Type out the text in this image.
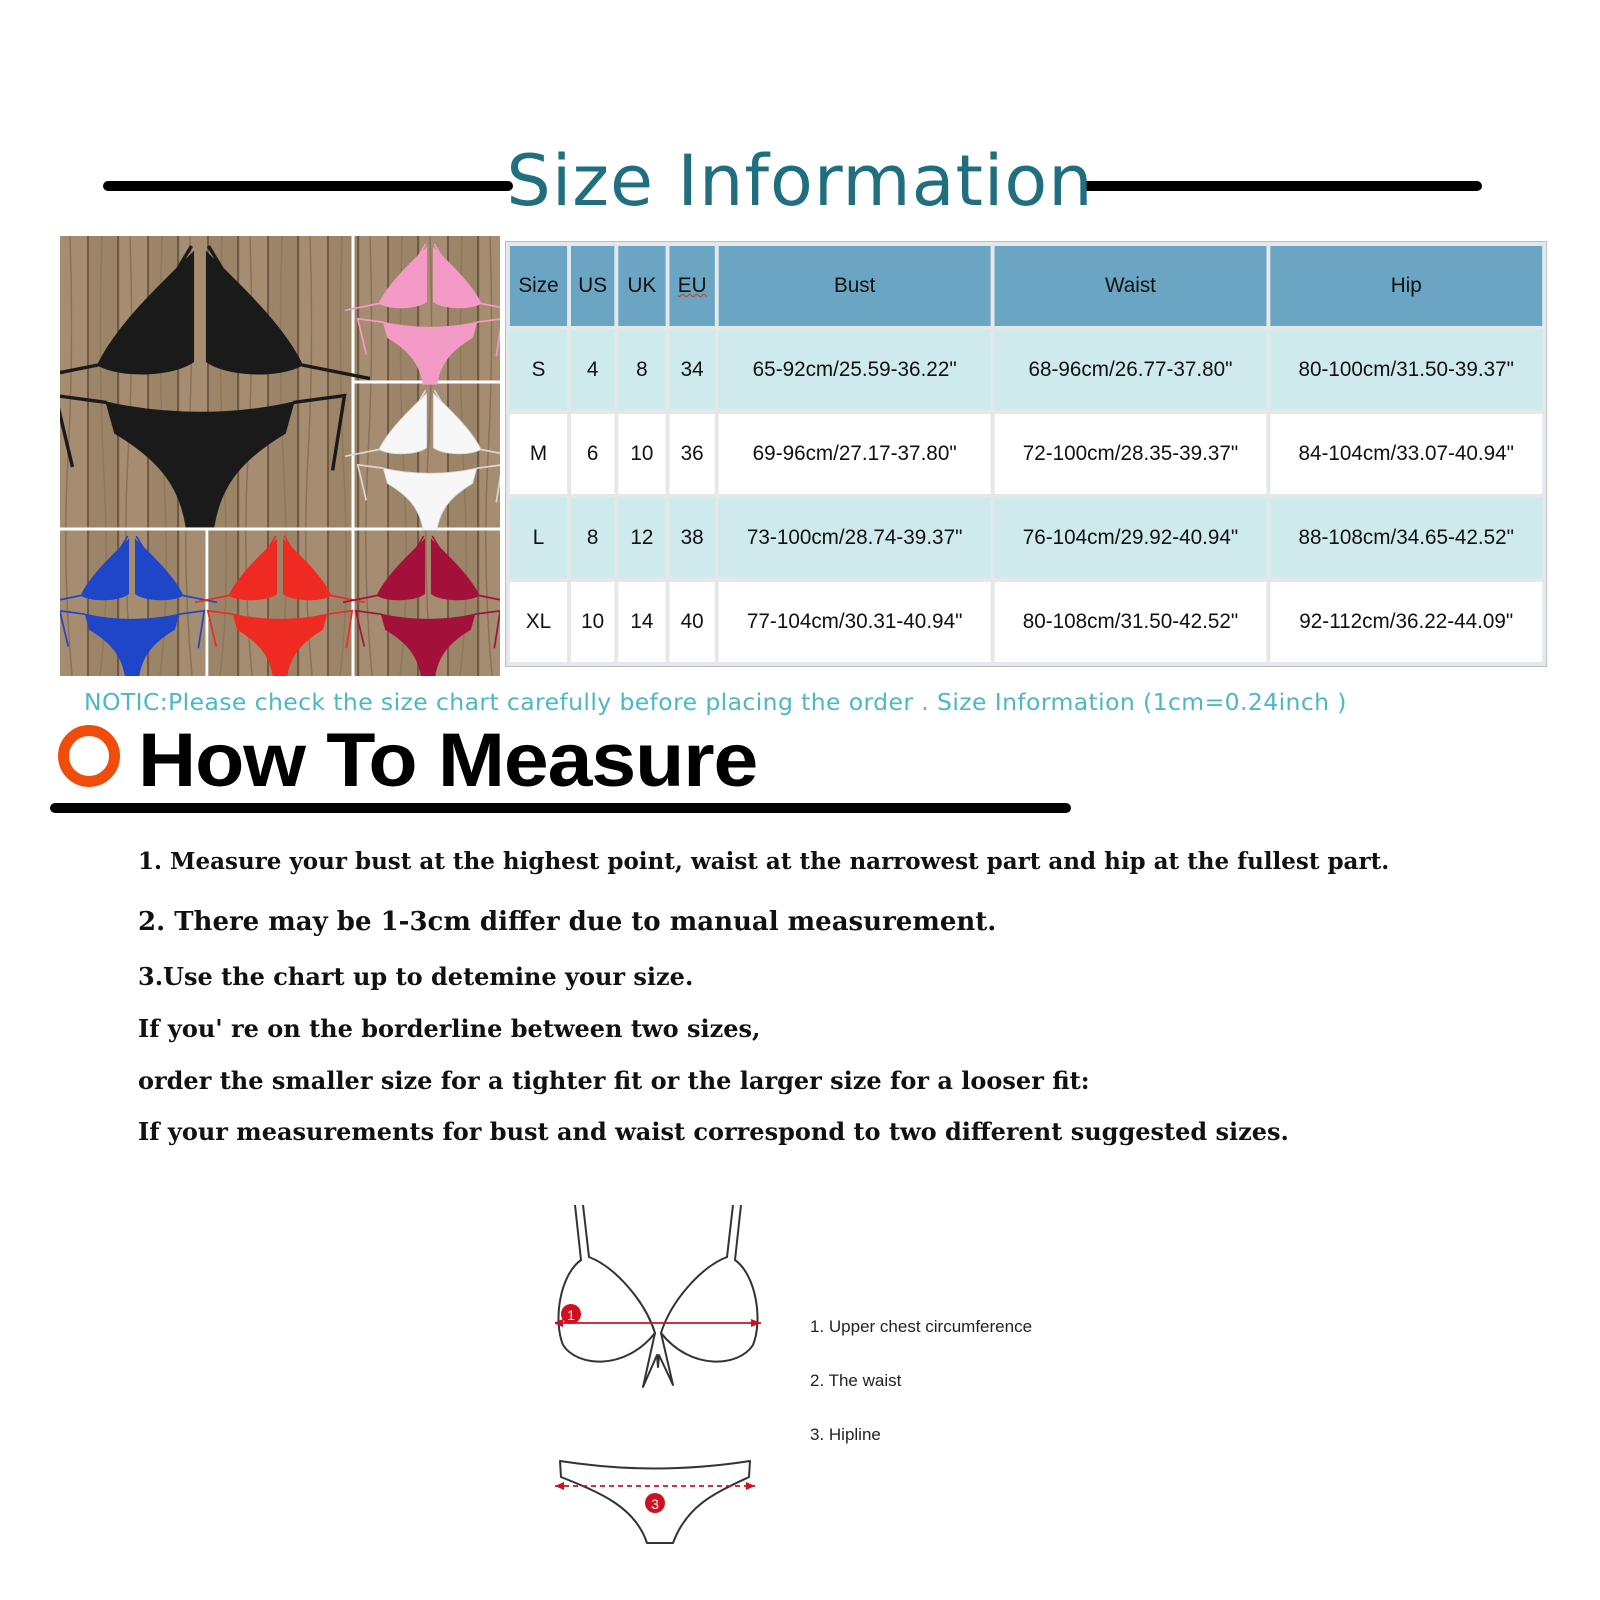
Size Information
Size	US	UK	EU	Bust	Waist	Hip
S	4	8	34	65-92cm/25.59-36.22"	68-96cm/26.77-37.80"	80-100cm/31.50-39.37"
M	6	10	36	69-96cm/27.17-37.80"	72-100cm/28.35-39.37"	84-104cm/33.07-40.94"
L	8	12	38	73-100cm/28.74-39.37"	76-104cm/29.92-40.94"	88-108cm/34.65-42.52"
XL	10	14	40	77-104cm/30.31-40.94"	80-108cm/31.50-42.52"	92-112cm/36.22-44.09"
NOTIC:Please check the size chart carefully before placing the order . Size Information (1cm=0.24inch )
How To Measure
1. Measure your bust at the highest point, waist at the narrowest part and hip at the fullest part.
2. There may be 1-3cm differ due to manual measurement.
3.Use the chart up to detemine your size.
If you' re on the borderline between two sizes,
order the smaller size for a tighter fit or the larger size for a looser fit:
If your measurements for bust and waist correspond to two different suggested sizes.
1
3
1. Upper chest circumference
2. The waist
3. Hipline
